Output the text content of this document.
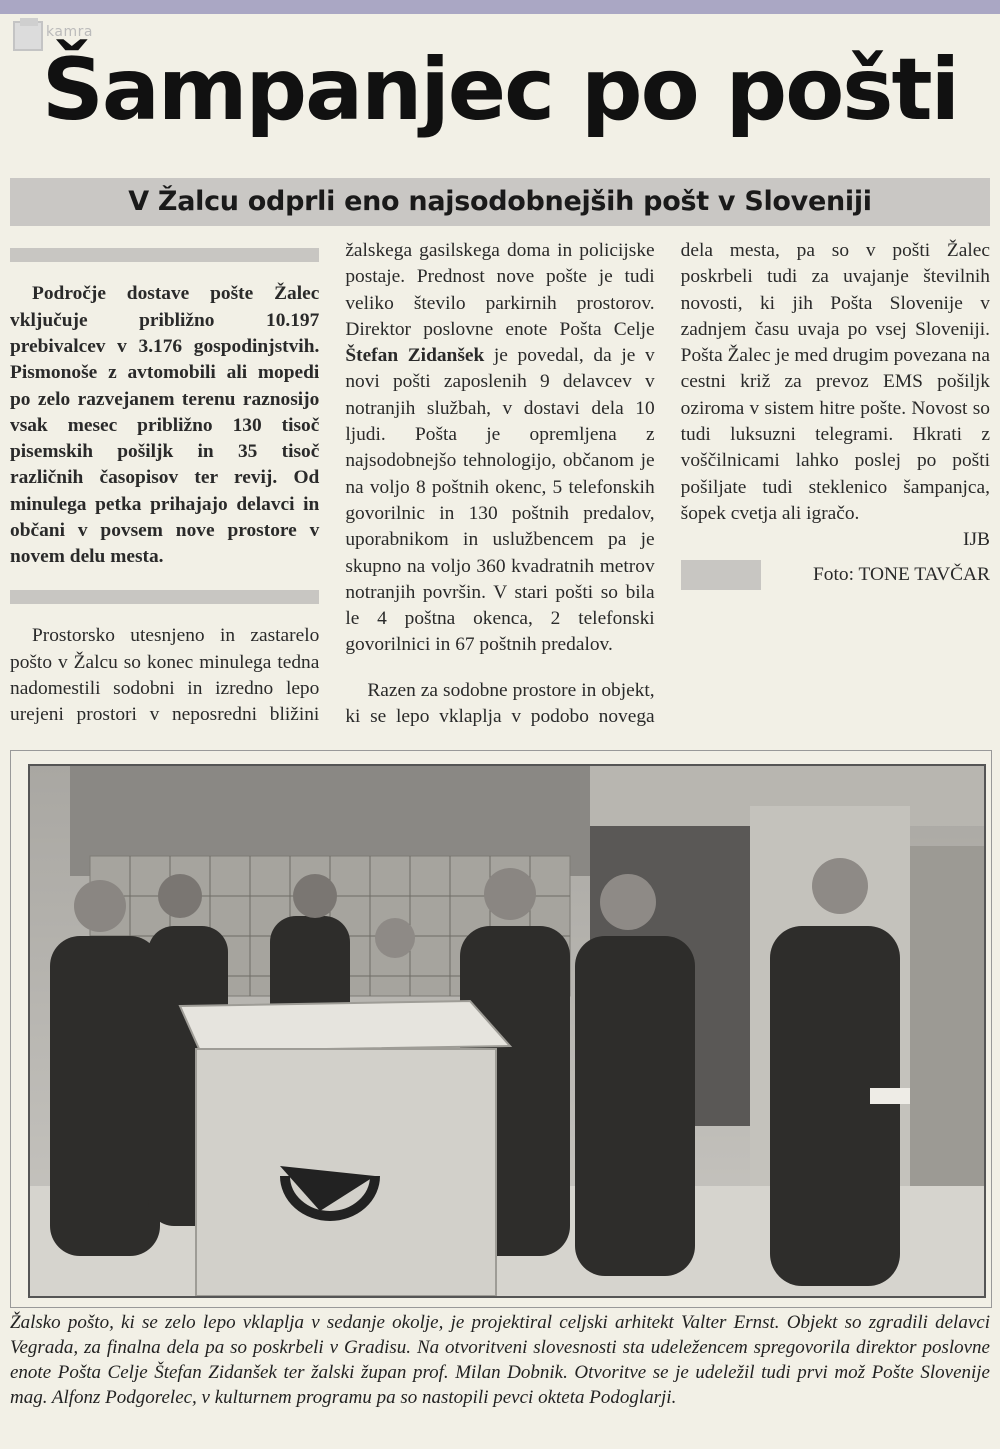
kamra
Šampanjec po pošti
V Žalcu odprli eno najsodobnejših pošt v Sloveniji

Področje dostave pošte Žalec vključuje približno 10.197 prebivalcev v 3.176 gospodinjstvih. Pismonoše z avtomobili ali mopedi po zelo razvejanem terenu raznosijo vsak mesec približno 130 tisoč pisemskih pošiljk in 35 tisoč različnih časopisov ter revij. Od minulega petka prihajajo delavci in občani v povsem nove prostore v novem delu mesta.

Prostorsko utesnjeno in zastarelo pošto v Žalcu so konec minulega tedna nadomestili sodobni in izredno lepo urejeni prostori v neposredni bližini žalskega gasilskega doma in policijske postaje. Prednost nove pošte je tudi veliko število parkirnih prostorov. Direktor poslovne enote Pošta Celje Štefan Zidanšek je povedal, da je v novi pošti zaposlenih 9 delavcev v notranjih službah, v dostavi dela 10 ljudi. Pošta je opremljena z najsodobnejšo tehnologijo, občanom je na voljo 8 poštnih okenc, 5 telefonskih govorilnic in 130 poštnih predalov, uporabnikom in uslužbencem pa je skupno na voljo 360 kvadratnih metrov notranjih površin. V stari pošti so bila le 4 poštna okenca, 2 telefonski govorilnici in 67 poštnih predalov.

Razen za sodobne prostore in objekt, ki se lepo vklaplja v podobo novega dela mesta, pa so v pošti Žalec poskrbeli tudi za uvajanje številnih novosti, ki jih Pošta Slovenije v zadnjem času uvaja po vsej Sloveniji. Pošta Žalec je med drugim povezana na cestni križ za prevoz EMS pošiljk oziroma v sistem hitre pošte. Novost so tudi luksuzni telegrami. Hkrati z voščilnicami lahko poslej po pošti pošiljate tudi steklenico šampanjca, šopek cvetja ali igračo.

IJB
Foto: TONE TAVČAR
Žalsko pošto, ki se zelo lepo vklaplja v sedanje okolje, je projektiral celjski arhitekt Valter Ernst. Objekt so zgradili delavci Vegrada, za finalna dela pa so poskrbeli v Gradisu. Na otvoritveni slovesnosti sta udeležencem spregovorila direktor poslovne enote Pošta Celje Štefan Zidanšek ter žalski župan prof. Milan Dobnik. Otvoritve se je udeležil tudi prvi mož Pošte Slovenije mag. Alfonz Podgorelec, v kulturnem programu pa so nastopili pevci okteta Podoglarji.
